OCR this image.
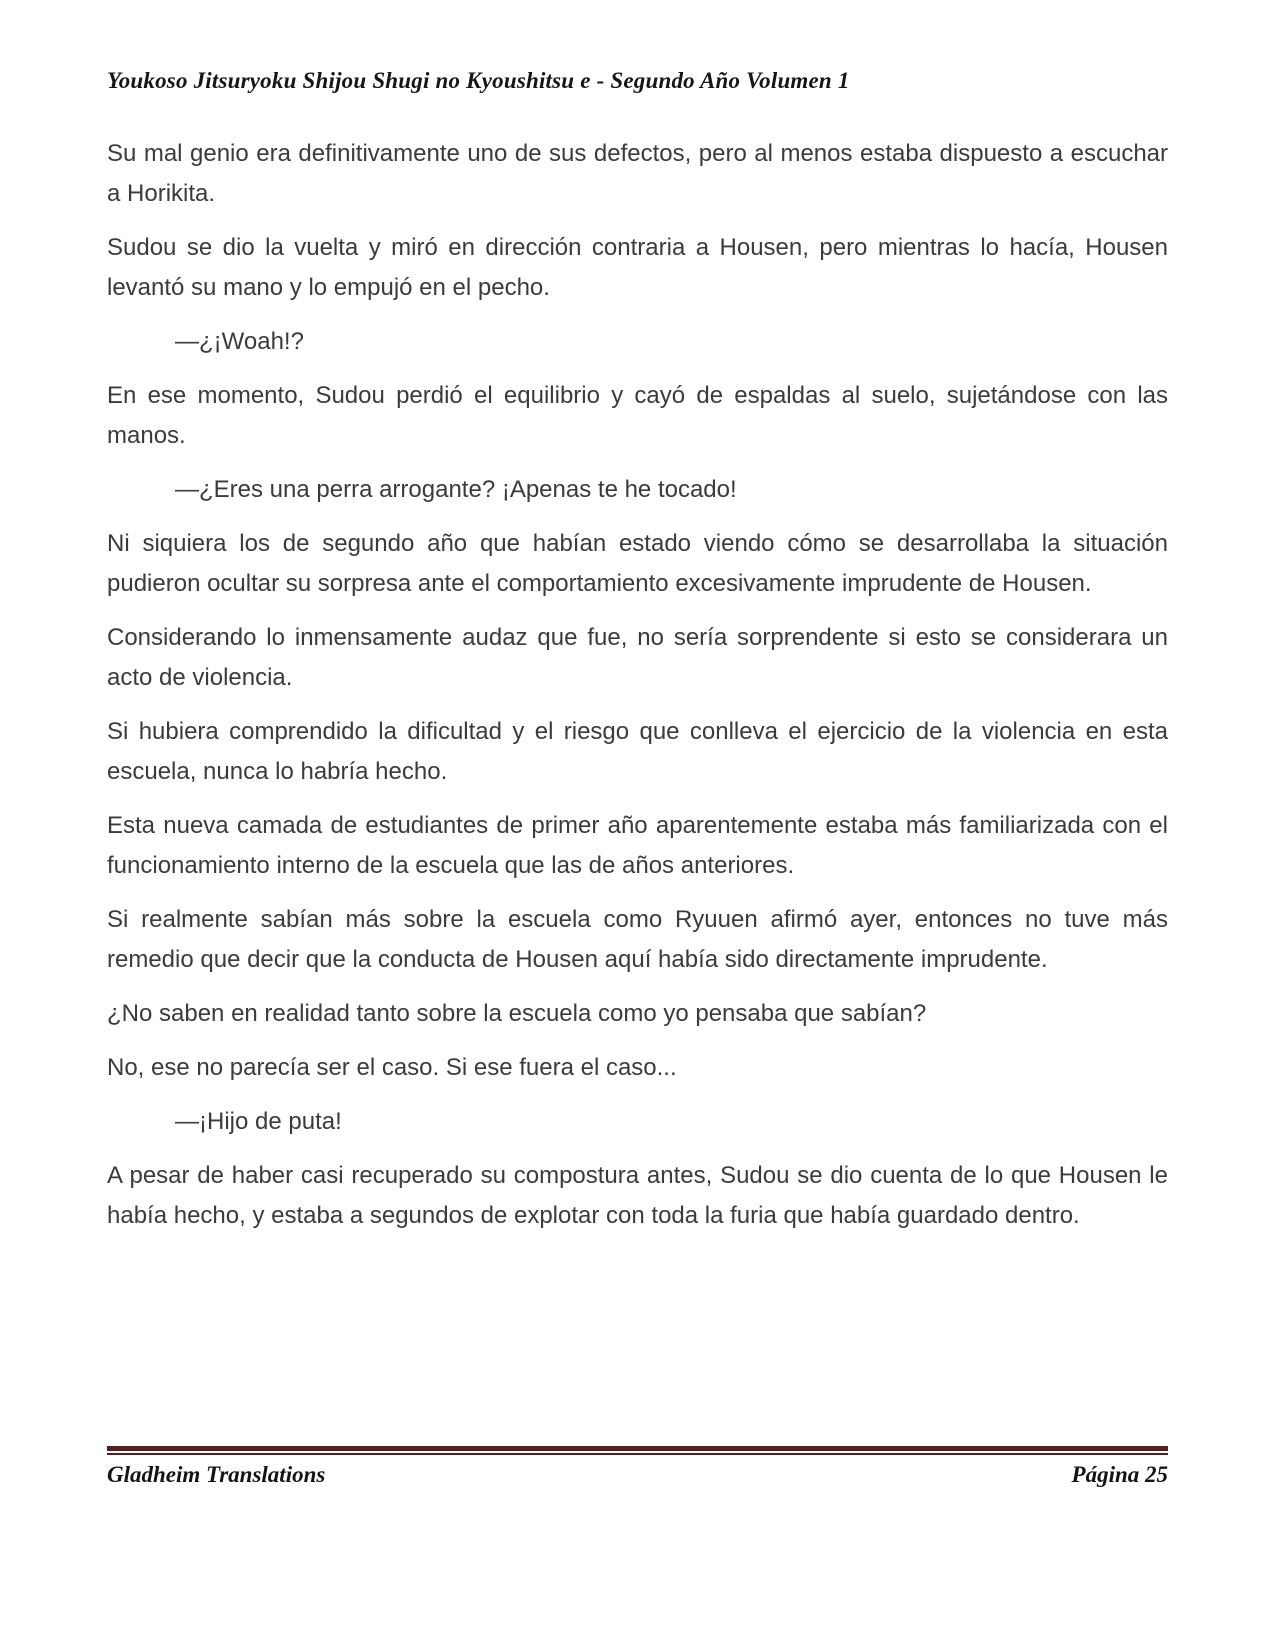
Youkoso Jitsuryoku Shijou Shugi no Kyoushitsu e - Segundo Año Volumen 1

Su mal genio era definitivamente uno de sus defectos, pero al menos estaba dispuesto a escuchar a Horikita.

Sudou se dio la vuelta y miró en dirección contraria a Housen, pero mientras lo hacía, Housen levantó su mano y lo empujó en el pecho.

—¿¡Woah!?

En ese momento, Sudou perdió el equilibrio y cayó de espaldas al suelo, sujetándose con las manos.

—¿Eres una perra arrogante? ¡Apenas te he tocado!

Ni siquiera los de segundo año que habían estado viendo cómo se desarrollaba la situación pudieron ocultar su sorpresa ante el comportamiento excesivamente imprudente de Housen.

Considerando lo inmensamente audaz que fue, no sería sorprendente si esto se considerara un acto de violencia.

Si hubiera comprendido la dificultad y el riesgo que conlleva el ejercicio de la violencia en esta escuela, nunca lo habría hecho.

Esta nueva camada de estudiantes de primer año aparentemente estaba más familiarizada con el funcionamiento interno de la escuela que las de años anteriores.

Si realmente sabían más sobre la escuela como Ryuuen afirmó ayer, entonces no tuve más remedio que decir que la conducta de Housen aquí había sido directamente imprudente.

¿No saben en realidad tanto sobre la escuela como yo pensaba que sabían?

No, ese no parecía ser el caso. Si ese fuera el caso...

—¡Hijo de puta!

A pesar de haber casi recuperado su compostura antes, Sudou se dio cuenta de lo que Housen le había hecho, y estaba a segundos de explotar con toda la furia que había guardado dentro.

Gladheim Translations	Página 25
